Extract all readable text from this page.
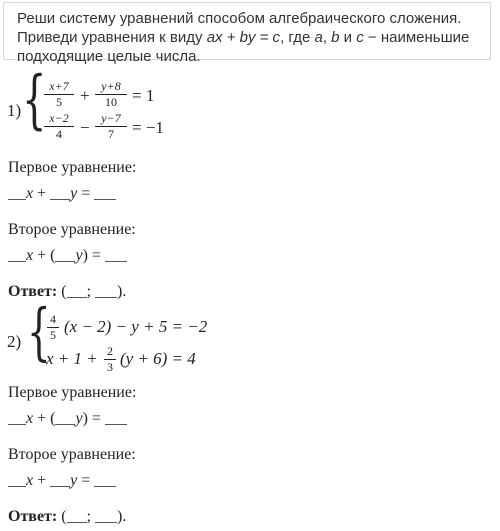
Реши систему уравнений способом алгебраического сложения.
Приведи уравнения к виду ax + by = c, где a, b и c − наименьшие
подходящие целые числа.
1) { x+7
5	+ y+8
10 = 1
x−2
4	− y−7
7	= −1
Первое уравнение:
x + y =
Второе уравнение:
x + ( y) =
Ответ: ( ; ).
2) { 4
5 (x − 2) − y + 5 = −2
x + 1 + 2
3 (y + 6) = 4
Первое уравнение:
x + ( y) =
Второе уравнение:
x + y =
Ответ: ( ; ).
